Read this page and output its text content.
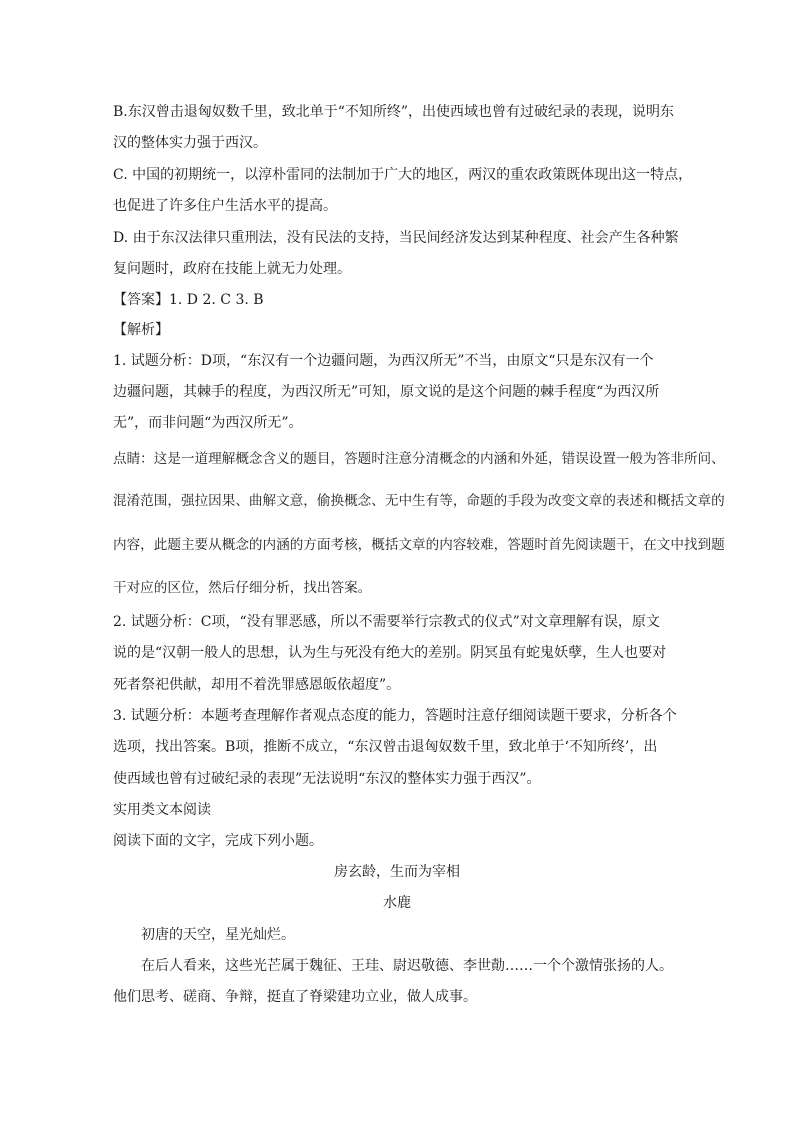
B.东汉曾击退匈奴数千里，致北单于“不知所终”，出使西域也曾有过破纪录的表现，说明东
汉的整体实力强于西汉。
C. 中国的初期统一，以淳朴雷同的法制加于广大的地区，两汉的重农政策既体现出这一特点，
也促进了许多住户生活水平的提高。
D. 由于东汉法律只重刑法，没有民法的支持，当民间经济发达到某种程度、社会产生各种繁
复问题时，政府在技能上就无力处理。
【答案】1. D 2. C 3. B
【解析】
1. 试题分析：D项，“东汉有一个边疆问题，为西汉所无”不当，由原文“只是东汉有一个
边疆问题，其棘手的程度，为西汉所无”可知，原文说的是这个问题的棘手程度“为西汉所
无”，而非问题“为西汉所无”。
点睛：这是一道理解概念含义的题目，答题时注意分清概念的内涵和外延，错误设置一般为答非所问、
混淆范围，强拉因果、曲解文意，偷换概念、无中生有等，命题的手段为改变文章的表述和概括文章的
内容，此题主要从概念的内涵的方面考核，概括文章的内容较难，答题时首先阅读题干，在文中找到题
干对应的区位，然后仔细分析，找出答案。
2. 试题分析：C项，“没有罪恶感，所以不需要举行宗教式的仪式”对文章理解有误，原文
说的是“汉朝一般人的思想，认为生与死没有绝大的差别。阴冥虽有蛇鬼妖孽，生人也要对
死者祭祀供献，却用不着洗罪感恩皈依超度”。
3. 试题分析：本题考查理解作者观点态度的能力，答题时注意仔细阅读题干要求，分析各个
选项，找出答案。B项，推断不成立，“东汉曾击退匈奴数千里，致北单于‘不知所终’，出
使西域也曾有过破纪录的表现”无法说明“东汉的整体实力强于西汉”。
实用类文本阅读
阅读下面的文字，完成下列小题。
房玄龄，生而为宰相
水鹿
初唐的天空，星光灿烂。
在后人看来，这些光芒属于魏征、王珪、尉迟敬德、李世勣……一个个激情张扬的人。
他们思考、磋商、争辩，挺直了脊梁建功立业，做人成事。
